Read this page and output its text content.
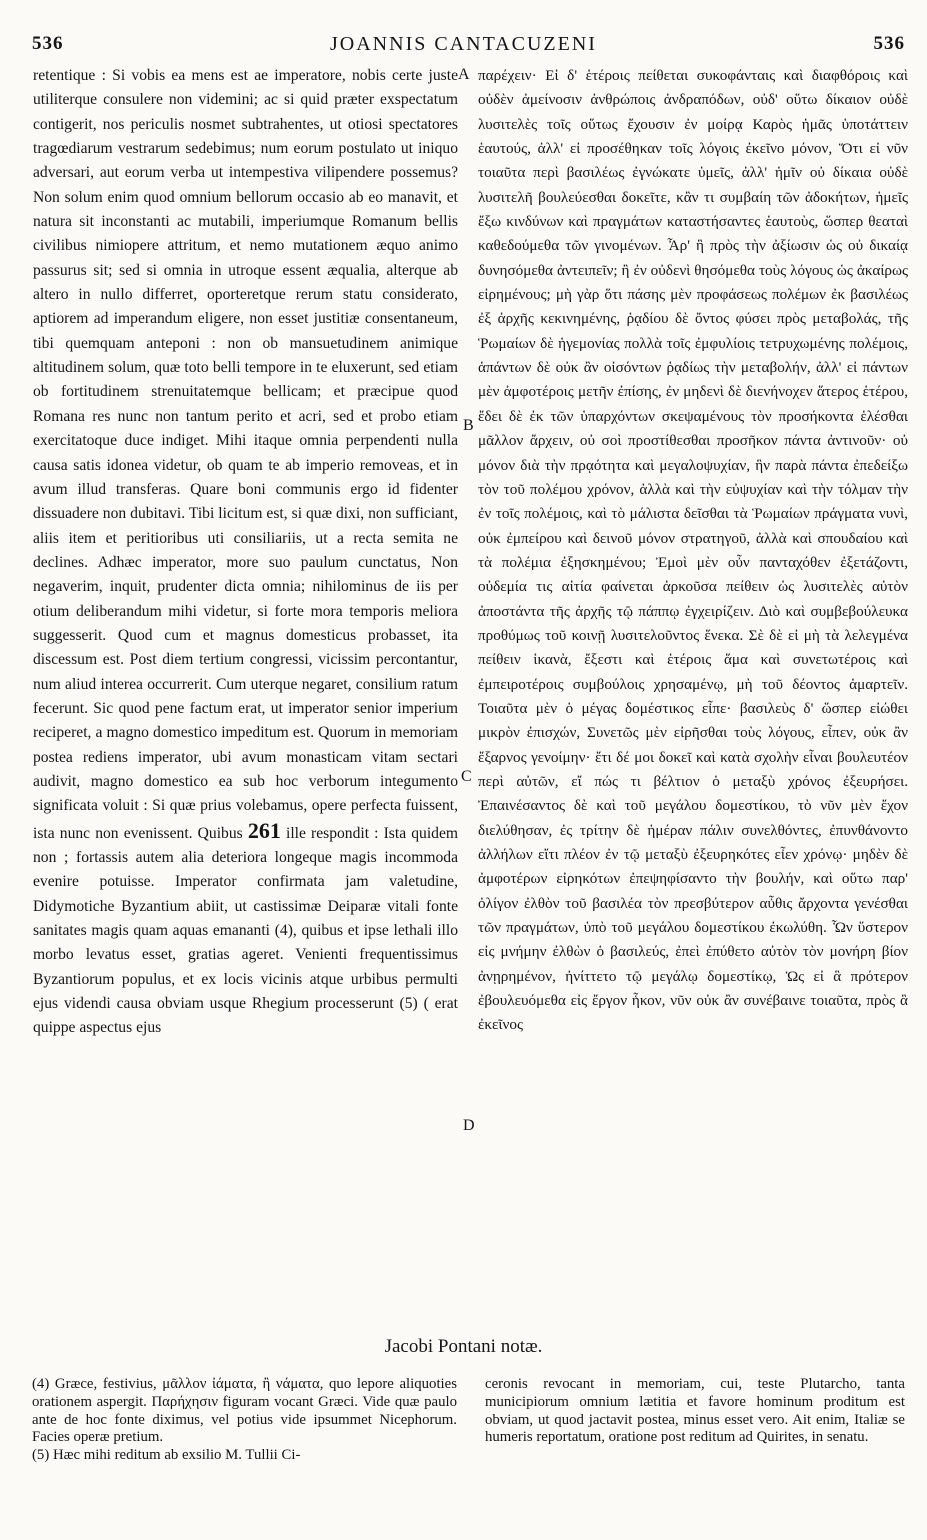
536	JOANNIS CANTACUZENI	536

retentique : Si vobis ea mens est ae imperatore, nobis certe juste utiliterque consulere non videmini; ac si quid præter exspectatum contigerit, nos periculis nosmet subtrahentes, ut otiosi spectatores tragœdiarum vestrarum sedebimus; num eorum postulato ut iniquo adversari, aut eorum verba ut intempestiva vilipendere possemus? Non solum enim quod omnium bellorum occasio ab eo manavit, et natura sit inconstanti ac mutabili, imperiumque Romanum bellis civilibus nimiopere attritum, et nemo mutationem æquo animo passurus sit; sed si omnia in utroque essent æqualia, alterque ab altero in nullo differret, oporteretque rerum statu considerato, aptiorem ad imperandum eligere, non esset justitiæ consentaneum, tibi quemquam anteponi : non ob mansuetudinem animique altitudinem solum, quæ toto belli tempore in te eluxerunt, sed etiam ob fortitudinem strenuitatemque bellicam; et præcipue quod Romana res nunc non tantum perito et acri, sed et probo etiam exercitatoque duce indiget. Mihi itaque omnia perpendenti nulla causa satis idonea videtur, ob quam te ab imperio removeas, et in avum illud transferas. Quare boni communis ergo id fidenter dissuadere non dubitavi. Tibi licitum est, si quæ dixi, non sufficiant, aliis item et peritioribus uti consiliariis, ut a recta semita ne declines. Adhæc imperator, more suo paulum cunctatus, Non negaverim, inquit, prudenter dicta omnia; nihilominus de iis per otium deliberandum mihi videtur, si forte mora temporis meliora suggesserit. Quod cum et magnus domesticus probasset, ita discessum est. Post diem tertium congressi, vicissim percontantur, num aliud interea occurrerit. Cum uterque negaret, consilium ratum fecerunt. Sic quod pene factum erat, ut imperator senior imperium reciperet, a magno domestico impeditum est. Quorum in memoriam postea rediens imperator, ubi avum monasticam vitam sectari audivit, magno domestico ea sub hoc verborum integumento significata voluit : Si quæ prius volebamus, opere perfecta fuissent, ista nunc non evenissent. Quibus 261 ille respondit : Ista quidem non ; fortassis autem alia deteriora longeque magis incommoda evenire potuisse. Imperator confirmata jam valetudine, Didymotiche Byzantium abiit, ut castissimæ Deiparæ vitali fonte sanitates magis quam aquas emananti (4), quibus et ipse lethali illo morbo levatus esset, gratias ageret. Venienti frequentissimus Byzantiorum populus, et ex locis vicinis atque urbibus permulti ejus videndi causa obviam usque Rhegium processerunt (5) ( erat quippe aspectus ejus

A
B
C
D

παρέχειν· Εἰ δ' ἑτέροις πείθεται συκοφάνταις καὶ διαφθόροις καὶ οὐδὲν ἀμείνοσιν ἀνθρώποις ἀνδραπόδων, οὐδ' οὕτω δίκαιον οὐδὲ λυσιτελὲς τοῖς οὕτως ἔχουσιν ἐν μοίρᾳ Καρὸς ἡμᾶς ὑποτάττειν ἑαυτούς, ἀλλ' εἰ προσέθηκαν τοῖς λόγοις ἐκεῖνο μόνον, Ὅτι εἰ νῦν τοιαῦτα περὶ βασιλέως ἐγνώκατε ὑμεῖς, ἀλλ' ἡμῖν οὐ δίκαια οὐδὲ λυσιτελῆ βουλεύεσθαι δοκεῖτε, κἂν τι συμβαίη τῶν ἀδοκήτων, ἡμεῖς ἔξω κινδύνων καὶ πραγμάτων καταστήσαντες ἑαυτοὺς, ὥσπερ θεαταὶ καθεδούμεθα τῶν γινομένων. Ἆρ' ἣ πρὸς τὴν ἀξίωσιν ὡς οὐ δικαίᾳ δυνησόμεθα ἀντειπεῖν; ἢ ἐν οὐδενὶ θησόμεθα τοὺς λόγους ὡς ἀκαίρως εἰρημένους; μὴ γὰρ ὅτι πάσης μὲν προφάσεως πολέμων ἐκ βασιλέως ἐξ ἀρχῆς κεκινημένης, ῥᾳδίου δὲ ὄντος φύσει πρὸς μεταβολάς, τῆς Ῥωμαίων δὲ ἡγεμονίας πολλὰ τοῖς ἐμφυλίοις τετρυχωμένης πολέμοις, ἁπάντων δὲ οὐκ ἂν οἰσόντων ῥᾳδίως τὴν μεταβολήν, ἀλλ' εἰ πάντων μὲν ἀμφοτέροις μετῆν ἐπίσης, ἐν μηδενὶ δὲ διενήνοχεν ἅτερος ἑτέρου, ἔδει δὲ ἐκ τῶν ὑπαρχόντων σκεψαμένους τὸν προσήκοντα ἑλέσθαι μᾶλλον ἄρχειν, οὐ σοὶ προστίθεσθαι προσῆκον πάντα ἀντινοῦν· οὐ μόνον διὰ τὴν πρᾳότητα καὶ μεγαλοψυχίαν, ἣν παρὰ πάντα ἐπεδείξω τὸν τοῦ πολέμου χρόνον, ἀλλὰ καὶ τὴν εὐψυχίαν καὶ τὴν τόλμαν τὴν ἐν τοῖς πολέμοις, καὶ τὸ μάλιστα δεῖσθαι τὰ Ῥωμαίων πράγματα νυνὶ, οὐκ ἐμπείρου καὶ δεινοῦ μόνον στρατηγοῦ, ἀλλὰ καὶ σπουδαίου καὶ τὰ πολέμια ἐξησκημένου; Ἐμοὶ μὲν οὖν πανταχόθεν ἐξετάζοντι, οὐδεμία τις αἰτία φαίνεται ἀρκοῦσα πείθειν ὡς λυσιτελὲς αὐτὸν ἀποστάντα τῆς ἀρχῆς τῷ πάππῳ ἐγχειρίζειν. Διὸ καὶ συμβεβούλευκα προθύμως τοῦ κοινῇ λυσιτελοῦντος ἕνεκα. Σὲ δὲ εἰ μὴ τὰ λελεγμένα πείθειν ἱκανὰ, ἔξεστι καὶ ἑτέροις ἅμα καὶ συνετωτέροις καὶ ἐμπειροτέροις συμβούλοις χρησαμένῳ, μὴ τοῦ δέοντος ἁμαρτεῖν. Τοιαῦτα μὲν ὁ μέγας δομέστικος εἶπε· βασιλεὺς δ' ὥσπερ εἰώθει μικρὸν ἐπισχών, Συνετῶς μὲν εἰρῆσθαι τοὺς λόγους, εἶπεν, οὐκ ἂν ἔξαρνος γενοίμην· ἔτι δέ μοι δοκεῖ καὶ κατὰ σχολὴν εἶναι βουλευτέον περὶ αὐτῶν, εἴ πώς τι βέλτιον ὁ μεταξὺ χρόνος ἐξευρήσει. Ἐπαινέσαντος δὲ καὶ τοῦ μεγάλου δομεστίκου, τὸ νῦν μὲν ἔχον διελύθησαν, ἐς τρίτην δὲ ἡμέραν πάλιν συνελθόντες, ἐπυνθάνοντο ἀλλήλων εἴτι πλέον ἐν τῷ μεταξὺ ἐξευρηκότες εἶεν χρόνῳ· μηδὲν δὲ ἀμφοτέρων εἰρηκότων ἐπεψηφίσαντο τὴν βουλήν, καὶ οὕτω παρ' ὀλίγον ἐλθὸν τοῦ βασιλέα τὸν πρεσβύτερον αὖθις ἄρχοντα γενέσθαι τῶν πραγμάτων, ὑπὸ τοῦ μεγάλου δομεστίκου ἐκωλύθη. Ὧν ὕστερον εἰς μνήμην ἐλθὼν ὁ βασιλεύς, ἐπεὶ ἐπύθετο αὐτὸν τὸν μονήρη βίον ἀνῃρημένον, ἠνίττετο τῷ μεγάλῳ δομεστίκῳ, Ὡς εἰ ἃ πρότερον ἐβουλευόμεθα εἰς ἔργον ἧκον, νῦν οὐκ ἂν συνέβαινε τοιαῦτα, πρὸς ἃ ἐκεῖνος

Jacobi Pontani notæ.

(4) Græce, festivius, μᾶλλον ἰάματα, ἢ νάματα, quo lepore aliquoties orationem aspergit. Παρήχησιν figuram vocant Græci. Vide quæ paulo ante de hoc fonte diximus, vel potius vide ipsummet Nicephorum. Facies operæ pretium.

(5) Hæc mihi reditum ab exsilio M. Tullii Ci-

ceronis revocant in memoriam, cui, teste Plutarcho, tanta municipiorum omnium lætitia et favore hominum proditum est obviam, ut quod jactavit postea, minus esset vero. Ait enim, Italiæ se humeris reportatum, oratione post reditum ad Quirites, in senatu.
